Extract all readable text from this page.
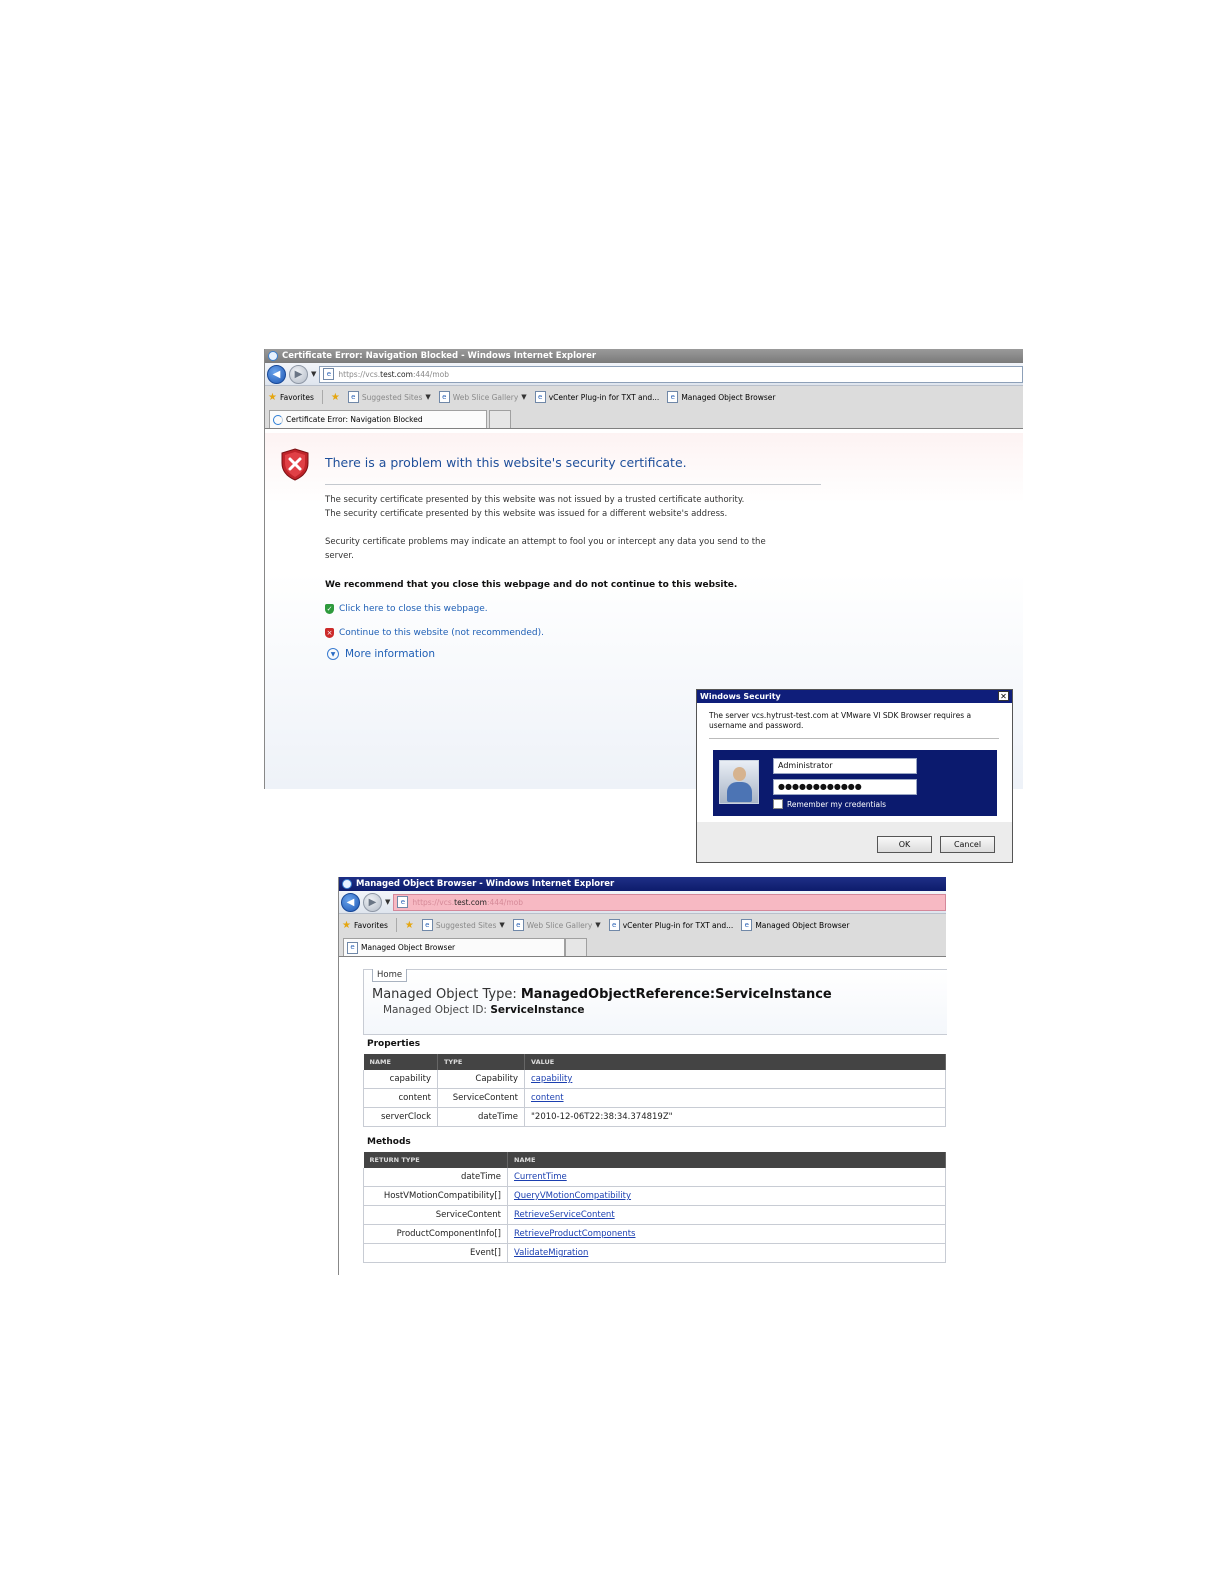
Certificate Error: Navigation Blocked - Windows Internet Explorer
◀	▶	▼	e https://vcs.test.com:444/mob
★ Favorites ★	e Suggested Sites ▼	e Web Slice Gallery ▼	e vCenter Plug-in for TXT and...	e Managed Object Browser
Certificate Error: Navigation Blocked
There is a problem with this website's security certificate.
The security certificate presented by this website was not issued by a trusted certificate authority.
The security certificate presented by this website was issued for a different website's address.
Security certificate problems may indicate an attempt to fool you or intercept any data you send to the server.
We recommend that you close this webpage and do not continue to this website.
✓ Click here to close this webpage.
× Continue to this website (not recommended).
▼ More information
Windows Security	✕
The server vcs.hytrust-test.com at VMware VI SDK Browser requires a username and password.
Administrator
●●●●●●●●●●●●
Remember my credentials
OK	Cancel
Managed Object Browser - Windows Internet Explorer
◀	▶	▼	e https://vcs.test.com:444/mob
★ Favorites ★	e Suggested Sites ▼	e Web Slice Gallery ▼	e vCenter Plug-in for TXT and...	e Managed Object Browser
e Managed Object Browser
Home
Managed Object Type: ManagedObjectReference:ServiceInstance
Managed Object ID: ServiceInstance
Properties
NAME	TYPE	VALUE
capability	Capability	capability
content	ServiceContent	content
serverClock	dateTime	"2010-12-06T22:38:34.374819Z"
Methods
RETURN TYPE	NAME
dateTime	CurrentTime
HostVMotionCompatibility[]	QueryVMotionCompatibility
ServiceContent	RetrieveServiceContent
ProductComponentInfo[]	RetrieveProductComponents
Event[]	ValidateMigration
